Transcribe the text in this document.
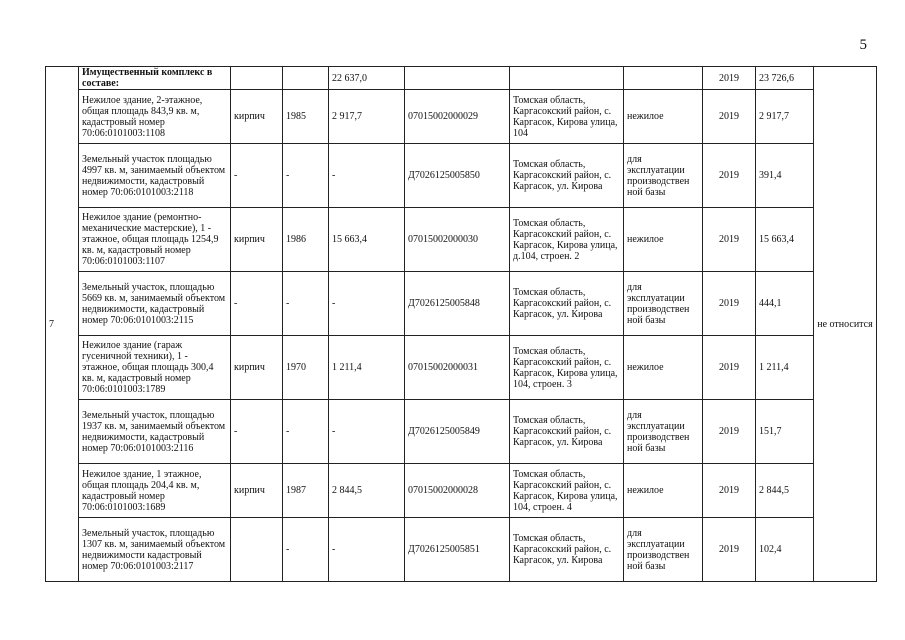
5
7	Имущественный комплекс в составе:			22 637,0				2019	23 726,6	не относится
	Нежилое здание, 2-этажное, общая площадь 843,9 кв. м, кадастровый номер 70:06:0101003:1108	кирпич	1985	2 917,7	07015002000029	Томская область, Каргасокский район, с. Каргасок, Кирова улица, 104	нежилое	2019	2 917,7	
	Земельный участок площадью 4997 кв. м, занимаемый объектом недвижимости, кадастровый номер 70:06:0101003:2118	-	-	-	Д7026125005850	Томская область, Каргасокский район, с. Каргасок, ул. Кирова	для эксплуатации производствен ной базы	2019	391,4	
	Нежилое здание (ремонтно-механические мастерские), 1 - этажное, общая площадь 1254,9 кв. м, кадастровый номер 70:06:0101003:1107	кирпич	1986	15 663,4	07015002000030	Томская область, Каргасокский район, с. Каргасок, Кирова улица, д.104, строен. 2	нежилое	2019	15 663,4	
	Земельный участок, площадью 5669 кв. м, занимаемый объектом недвижимости, кадастровый номер 70:06:0101003:2115	-	-	-	Д7026125005848	Томская область, Каргасокский район, с. Каргасок, ул. Кирова	для эксплуатации производствен ной базы	2019	444,1	
	Нежилое здание (гараж гусеничной техники), 1 - этажное, общая площадь 300,4 кв. м, кадастровый номер 70:06:0101003:1789	кирпич	1970	1 211,4	07015002000031	Томская область, Каргасокский район, с. Каргасок, Кирова улица, 104, строен. 3	нежилое	2019	1 211,4	
	Земельный участок, площадью 1937 кв. м, занимаемый объектом недвижимости, кадастровый номер 70:06:0101003:2116	-	-	-	Д7026125005849	Томская область, Каргасокский район, с. Каргасок, ул. Кирова	для эксплуатации производствен ной базы	2019	151,7	
	Нежилое здание, 1 этажное, общая площадь 204,4 кв. м, кадастровый номер 70:06:0101003:1689	кирпич	1987	2 844,5	07015002000028	Томская область, Каргасокский район, с. Каргасок, Кирова улица, 104, строен. 4	нежилое	2019	2 844,5	
	Земельный участок, площадью 1307 кв. м, занимаемый объектом недвижимости кадастровый номер 70:06:0101003:2117		-	-	Д7026125005851	Томская область, Каргасокский район, с. Каргасок, ул. Кирова	для эксплуатации производствен ной базы	2019	102,4	
